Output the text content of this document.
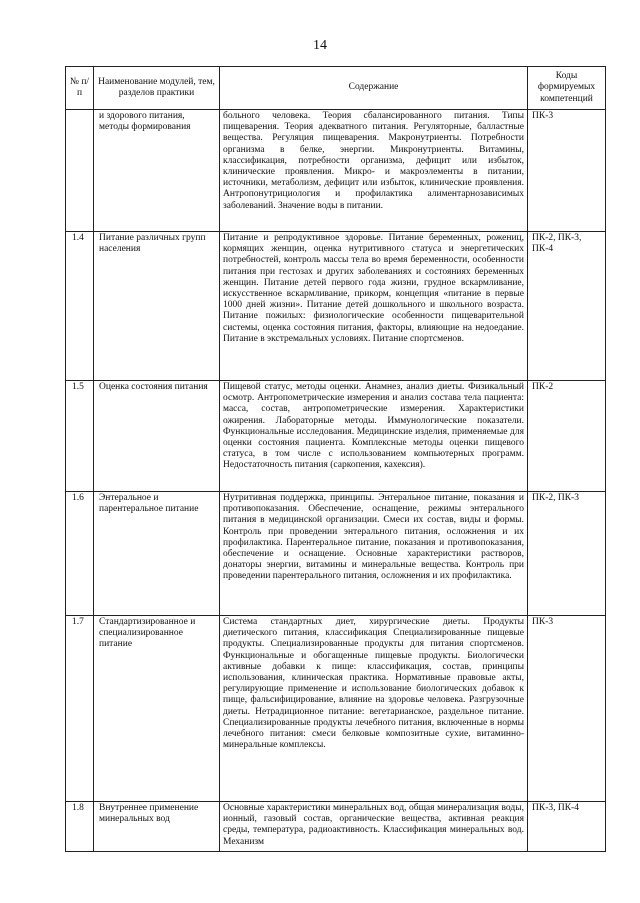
14
№ п/п	Наименование модулей, тем, разделов практики	Содержание	Коды формируемых компетенций
	и здорового питания, методы формирования	больного человека. Теория сбалансированного питания. Типы пищеварения. Теория адекватного питания. Регуляторные, балластные вещества. Регуляция пищеварения. Макронутриенты. Потребности организма в белке, энергии. Микронутриенты. Витамины, классификация, потребности организма, дефицит или избыток, клинические проявления. Микро- и макроэлементы в питании, источники, метаболизм, дефицит или избыток, клинические проявления. Антропонутрициология и профилактика алиментарнозависимых заболеваний. Значение воды в питании.	ПК-3
1.4	Питание различных групп населения	Питание и репродуктивное здоровье. Питание беременных, рожениц, кормящих женщин, оценка нутритивного статуса и энергетических потребностей, контроль массы тела во время беременности, особенности питания при гестозах и других заболеваниях и состояниях беременных женщин. Питание детей первого года жизни, грудное вскармливание, искусственное вскармливание, прикорм, концепция «питание в первые 1000 дней жизни». Питание детей дошкольного и школьного возраста. Питание пожилых: физиологические особенности пищеварительной системы, оценка состояния питания, факторы, влияющие на недоедание. Питание в экстремальных условиях. Питание спортсменов.	ПК-2, ПК-3, ПК-4
1.5	Оценка состояния питания	Пищевой статус, методы оценки. Анамнез, анализ диеты. Физикальный осмотр. Антропометрические измерения и анализ состава тела пациента: масса, состав, антропометрические измерения. Характеристики ожирения. Лабораторные методы. Иммунологические показатели. Функциональные исследования. Медицинские изделия, применяемые для оценки состояния пациента. Комплексные методы оценки пищевого статуса, в том числе с использованием компьютерных программ. Недостаточность питания (саркопения, кахексия).	ПК-2
1.6	Энтеральное и парентеральное питание	Нутритивная поддержка, принципы. Энтеральное питание, показания и противопоказания. Обеспечение, оснащение, режимы энтерального питания в медицинской организации. Смеси их состав, виды и формы. Контроль при проведении энтерального питания, осложнения и их профилактика. Парентеральное питание, показания и противопоказания, обеспечение и оснащение. Основные характеристики растворов, донаторы энергии, витамины и минеральные вещества. Контроль при проведении парентерального питания, осложнения и их профилактика.	ПК-2, ПК-3
1.7	Стандартизированное и специализированное питание	Система стандартных диет, хирургические диеты. Продукты диетического питания, классификация Специализированные пищевые продукты. Специализированные продукты для питания спортсменов. Функциональные и обогащенные пищевые продукты. Биологически активные добавки к пище: классификация, состав, принципы использования, клиническая практика. Нормативные правовые акты, регулирующие применение и использование биологических добавок к пище, фальсифицирование, влияние на здоровье человека. Разгрузочные диеты. Нетрадиционное питание: вегетарианское, раздельное питание. Специализированные продукты лечебного питания, включенные в нормы лечебного питания: смеси белковые композитные сухие, витаминно-минеральные комплексы.	ПК-3
1.8	Внутреннее применение минеральных вод	Основные характеристики минеральных вод, общая минерализация воды, ионный, газовый состав, органические вещества, активная реакция среды, температура, радиоактивность. Классификация минеральных вод. Механизм	ПК-3, ПК-4
